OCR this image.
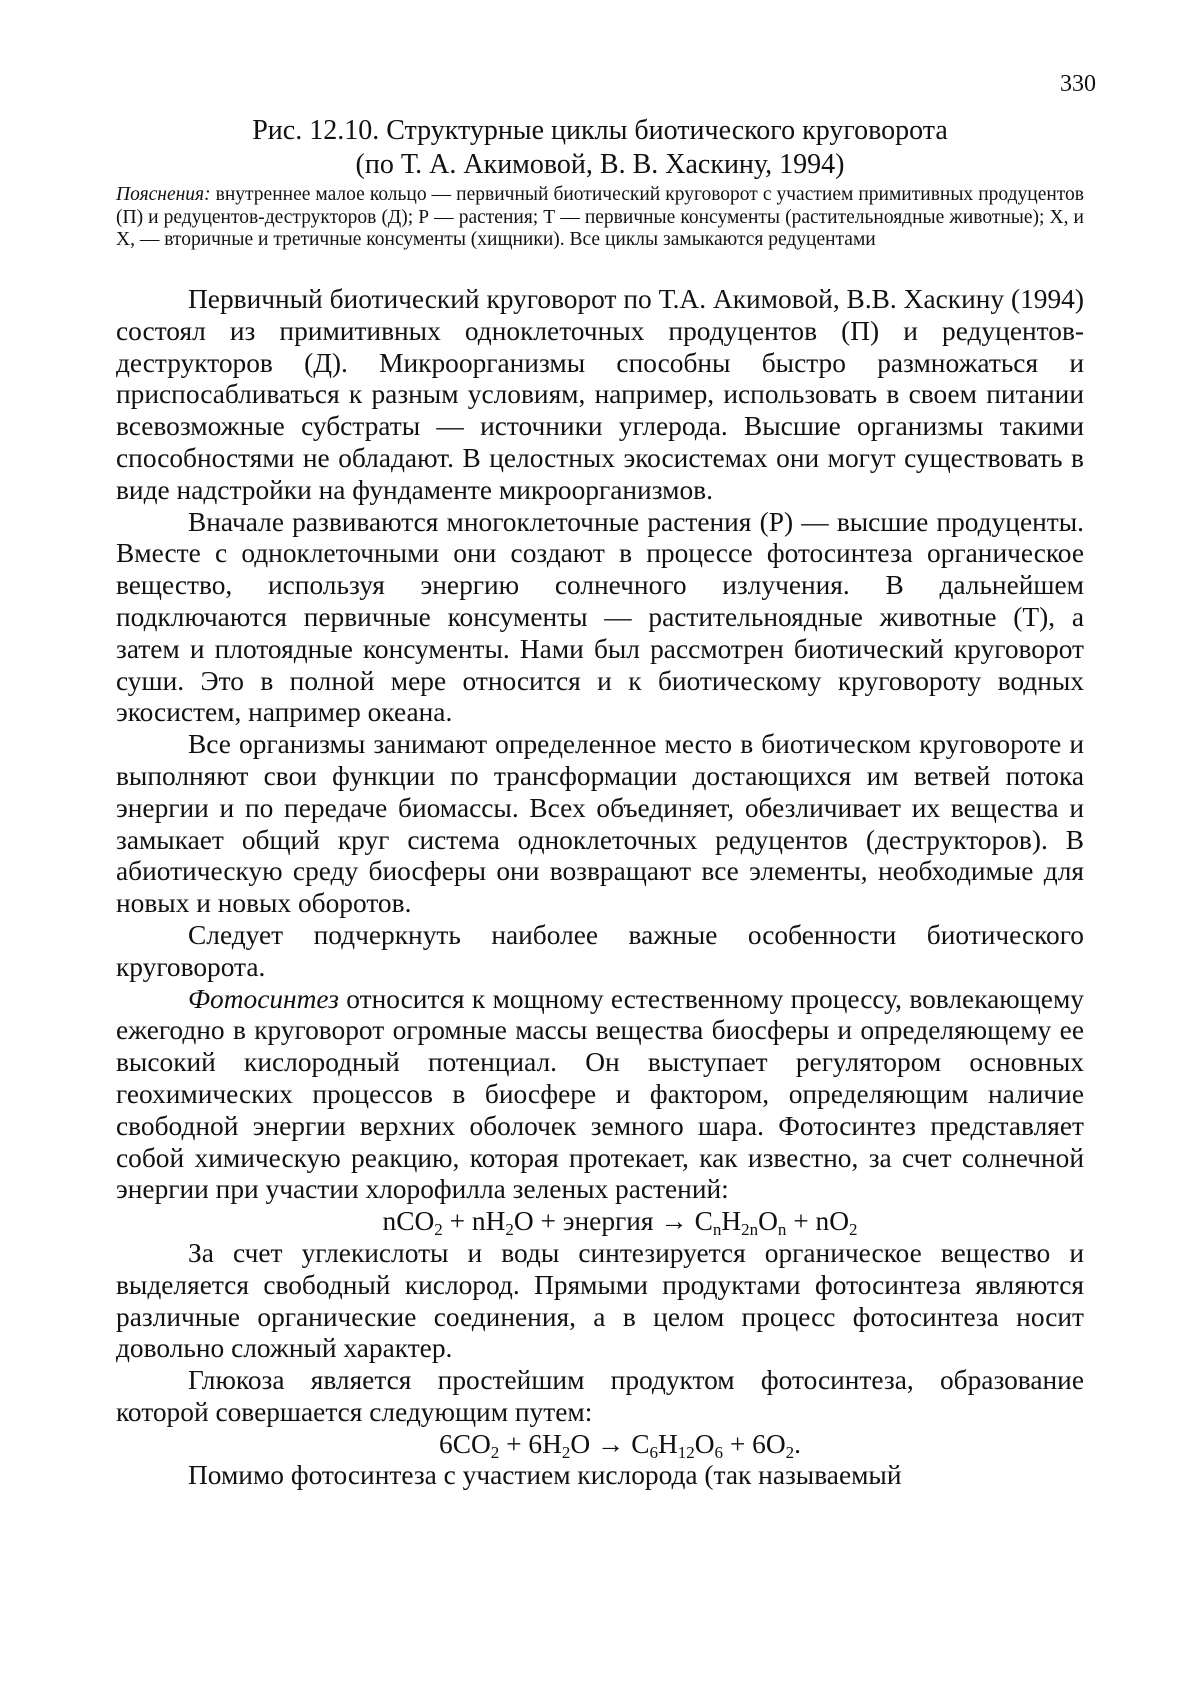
330
Рис. 12.10. Структурные циклы биотического круговорота
(по Т. А. Акимовой, В. В. Хаскину, 1994)
Пояснения: внутреннее малое кольцо — первичный биотический круговорот с участием примитивных продуцентов (П) и редуцентов-деструкторов (Д); Р — растения; Т — первичные консументы (растительноядные животные); X, и X, — вторичные и третичные консументы (хищники). Все циклы замыкаются редуцентами

Первичный биотический круговорот по Т.А. Акимовой, В.В. Хаскину (1994) состоял из примитивных одноклеточных продуцентов (П) и редуцентов-деструкторов (Д). Микроорганизмы способны быстро размножаться и приспосабливаться к разным условиям, например, использовать в своем питании всевозможные субстраты — источники углерода. Высшие организмы такими способностями не обладают. В целостных экосистемах они могут существовать в виде надстройки на фундаменте микроорганизмов.

Вначале развиваются многоклеточные растения (Р) — высшие продуценты. Вместе с одноклеточными они создают в процессе фотосинтеза органическое вещество, используя энергию солнечного излучения. В дальнейшем подключаются первичные консументы — растительноядные животные (Т), а затем и плотоядные консументы. Нами был рассмотрен биотический круговорот суши. Это в полной мере относится и к биотическому круговороту водных экосистем, например океана.

Все организмы занимают определенное место в биотическом круговороте и выполняют свои функции по трансформации достающихся им ветвей потока энергии и по передаче биомассы. Всех объединяет, обезличивает их вещества и замыкает общий круг система одноклеточных редуцентов (деструкторов). В абиотическую среду биосферы они возвращают все элементы, необходимые для новых и новых оборотов.

Следует подчеркнуть наиболее важные особенности биотического круговорота.

Фотосинтез относится к мощному естественному процессу, вовлекающему ежегодно в круговорот огромные массы вещества биосферы и определяющему ее высокий кислородный потенциал. Он выступает регулятором основных геохимических процессов в биосфере и фактором, определяющим наличие свободной энергии верхних оболочек земного шара. Фотосинтез представляет собой химическую реакцию, которая протекает, как известно, за счет солнечной энергии при участии хлорофилла зеленых растений:

nCO2 + nH2O + энергия → CnH2nOn + nO2

За счет углекислоты и воды синтезируется органическое вещество и выделяется свободный кислород. Прямыми продуктами фотосинтеза являются различные органические соединения, а в целом процесс фотосинтеза носит довольно сложный характер.

Глюкоза является простейшим продуктом фотосинтеза, образование которой совершается следующим путем:

6CO2 + 6H2O → C6H12O6 + 6O2.

Помимо фотосинтеза с участием кислорода (так называемый
